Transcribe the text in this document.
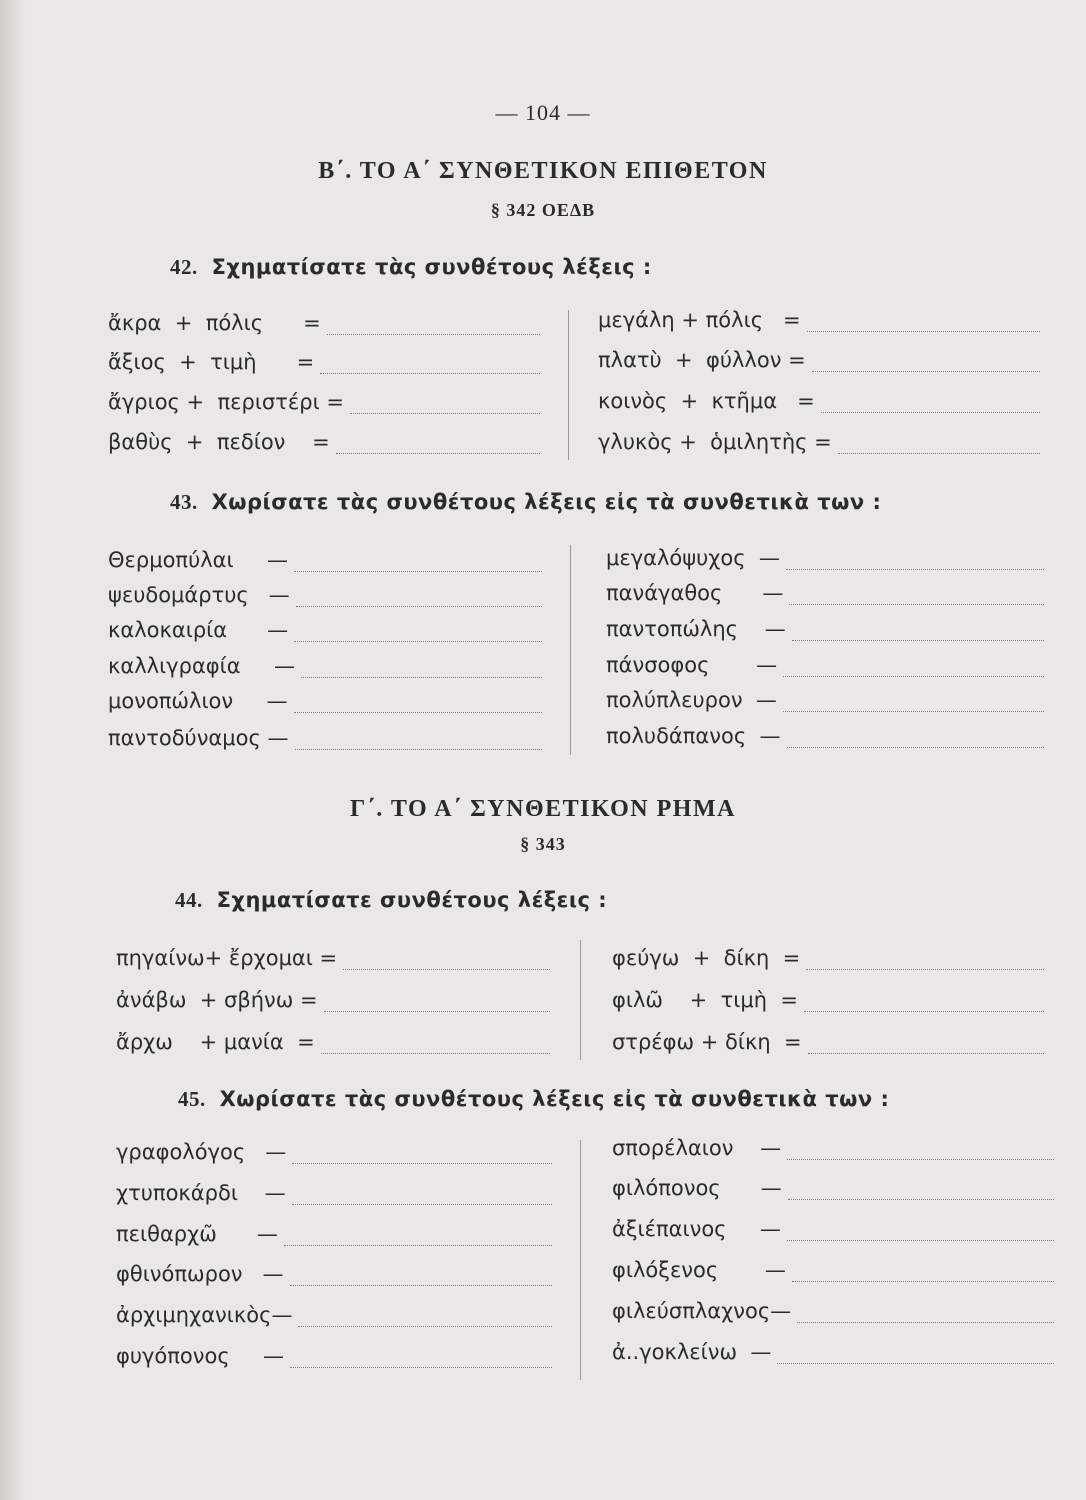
— 104 —
Β΄. ΤΟ Α΄ ΣΥΝΘΕΤΙΚΟΝ ΕΠΙΘΕΤΟΝ
§ 342 ΟΕΔΒ
42. Σχηματίσατε τὰς συνθέτους λέξεις :
ἄκρα  +  πόλις      =
ἄξιος  +  τιμὴ      =
ἄγριος +  περιστέρι =
βαθὺς  +  πεδίον    =
μεγάλη + πόλις   =
πλατὺ  +  φύλλον =
κοινὸς  +  κτῆμα   =
γλυκὸς +  ὁμιλητὴς =
43. Χωρίσατε τὰς συνθέτους λέξεις εἰς τὰ συνθετικὰ των :
Θερμοπύλαι     —
ψευδομάρτυς   —
καλοκαιρία      —
καλλιγραφία     —
μονοπώλιον     —
παντοδύναμος —
μεγαλόψυχος  —
πανάγαθος      —
παντοπώλης    —
πάνσοφος       —
πολύπλευρον  —
πολυδάπανος  —
Γ΄. ΤΟ Α΄ ΣΥΝΘΕΤΙΚΟΝ ΡΗΜΑ
§ 343
44. Σχηματίσατε συνθέτους λέξεις :
πηγαίνω+ ἔρχομαι =
ἀνάβω  + σβήνω =
ἄρχω    + μανία  =
φεύγω  +  δίκη  =
φιλῶ    +  τιμὴ  =
στρέφω + δίκη  =
45. Χωρίσατε τὰς συνθέτους λέξεις εἰς τὰ συνθετικὰ των :
γραφολόγος   —
χτυποκάρδι    —
πειθαρχῶ      —
φθινόπωρον   —
ἀρχιμηχανικὸς—
φυγόπονος     —
σπορέλαιον    —
φιλόπονος      —
ἀξιέπαινος     —
φιλόξενος       —
φιλεύσπλαχνος—
ἀ..γοκλείνω  —
